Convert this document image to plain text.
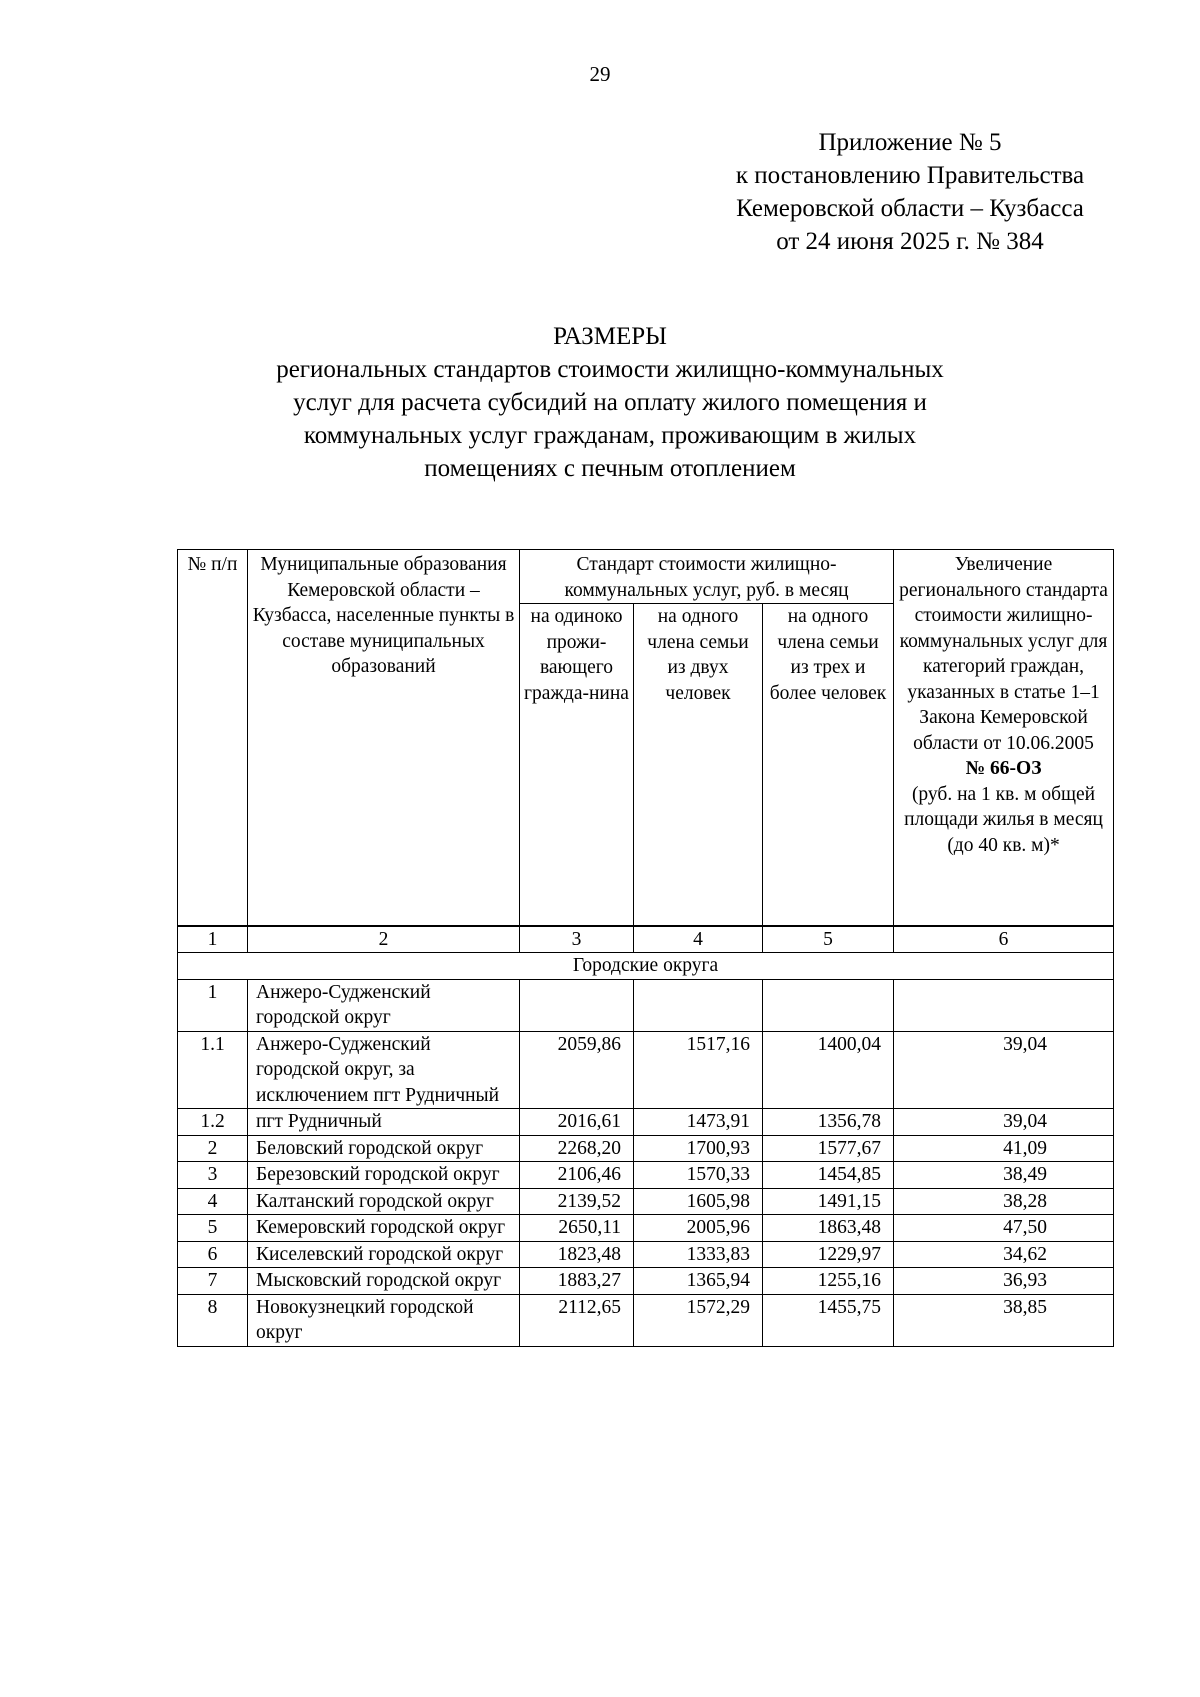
29
Приложение № 5
к постановлению Правительства
Кемеровской области – Кузбасса
от 24 июня 2025 г. № 384
РАЗМЕРЫ
региональных стандартов стоимости жилищно-коммунальных
услуг для расчета субсидий на оплату жилого помещения и
коммунальных услуг гражданам, проживающим в жилых
помещениях с печным отоплением
№ п/п	Муниципальные образования Кемеровской области – Кузбасса, населенные пункты в составе муниципальных образований	Стандарт стоимости жилищно-коммунальных услуг, руб. в месяц			Увеличение регионального стандарта стоимости жилищно-коммунальных услуг для категорий граждан, указанных в статье 1–1 Закона Кемеровской области от 10.06.2005
№ 66-ОЗ
(руб. на 1 кв. м общей площади жилья в месяц (до 40 кв. м)*

		на одиноко прожи-вающего гражда-нина	на одного члена семьи из двух человек	на одного члена семьи из трех и более человек	
1	2	3	4	5	6
Городские округа					
1	Анжеро-Судженский городской округ				
1.1	Анжеро-Судженский городской округ, за исключением пгт Рудничный	2059,86	1517,16	1400,04	39,04
1.2	пгт Рудничный	2016,61	1473,91	1356,78	39,04
2	Беловский городской округ	2268,20	1700,93	1577,67	41,09
3	Березовский городской округ	2106,46	1570,33	1454,85	38,49
4	Калтанский городской округ	2139,52	1605,98	1491,15	38,28
5	Кемеровский городской округ	2650,11	2005,96	1863,48	47,50
6	Киселевский городской округ	1823,48	1333,83	1229,97	34,62
7	Мысковский городской округ	1883,27	1365,94	1255,16	36,93
8	Новокузнецкий городской округ	2112,65	1572,29	1455,75	38,85
